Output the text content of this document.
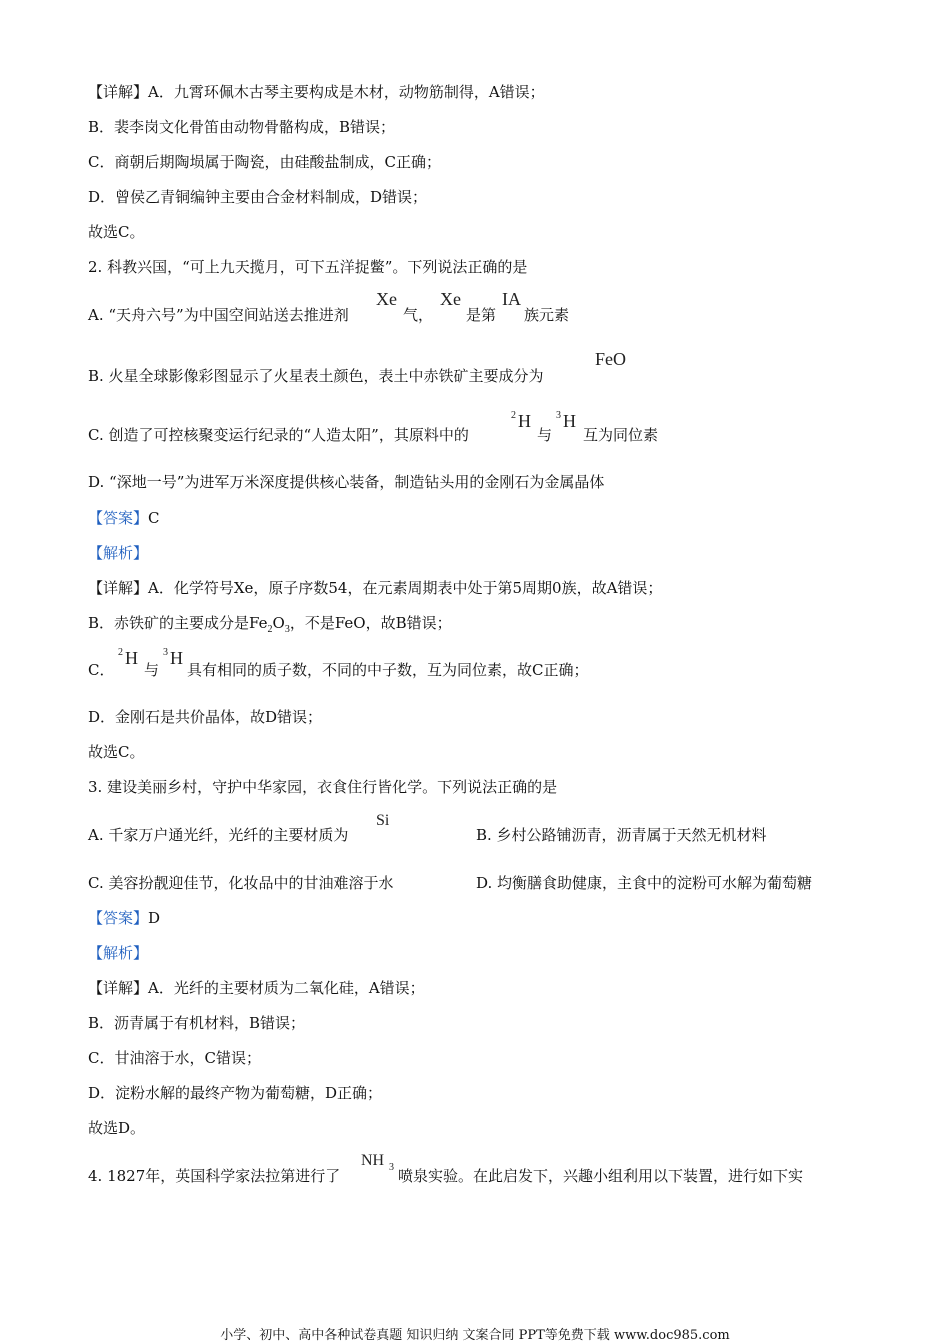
【详解】A．九霄环佩木古琴主要构成是木材，动物筋制得，A错误；
B．裴李岗文化骨笛由动物骨骼构成，B错误；
C．商朝后期陶埙属于陶瓷，由硅酸盐制成，C正确；
D．曾侯乙青铜编钟主要由合金材料制成，D错误；
故选C。
2. 科教兴国，“可上九天揽月，可下五洋捉鳖”。下列说法正确的是
A. “天舟六号”为中国空间站送去推进剂
Xe
气，
Xe
是第
IA
族元素
B. 火星全球影像彩图显示了火星表土颜色，表土中赤铁矿主要成分为
FeO
C. 创造了可控核聚变运行纪录的“人造太阳”，其原料中的
2 H
与
3 H
互为同位素
D. “深地一号”为进军万米深度提供核心装备，制造钻头用的金刚石为金属晶体
【答案】C
【解析】
【详解】A．化学符号Xe，原子序数54，在元素周期表中处于第5周期0族，故A错误；
B．赤铁矿的主要成分是$Fe_2O_3$，不是FeO，故B错误；
C．
2 H
与
3 H
具有相同的质子数，不同的中子数，互为同位素，故C正确；
D．金刚石是共价晶体，故D错误；
故选C。
3. 建设美丽乡村，守护中华家园，衣食住行皆化学。下列说法正确的是
A. 千家万户通光纤，光纤的主要材质为
Si
B. 乡村公路铺沥青，沥青属于天然无机材料
C. 美容扮靓迎佳节，化妆品中的甘油难溶于水	D. 均衡膳食助健康，主食中的淀粉可水解为葡萄糖
【答案】D
【解析】
【详解】A．光纤的主要材质为二氧化硅，A错误；
B．沥青属于有机材料，B错误；
C．甘油溶于水，C错误；
D．淀粉水解的最终产物为葡萄糖，D正确；
故选D。
4. 1827年，英国科学家法拉第进行了
NH 3 喷泉实验。在此启发下，兴趣小组利用以下装置，进行如下实
小学、初中、高中各种试卷真题 知识归纳 文案合同 PPT等免费下载 www.doc985.com
